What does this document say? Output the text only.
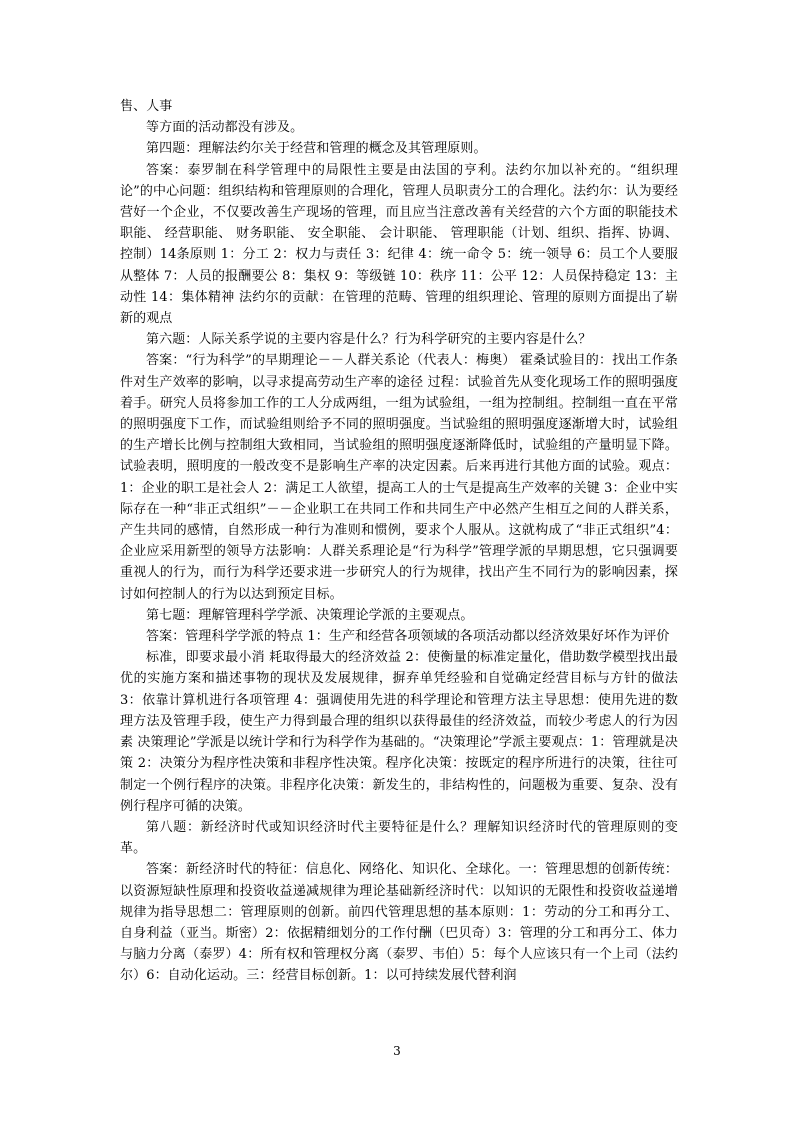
售、人事

等方面的活动都没有涉及。

第四题：理解法约尔关于经营和管理的概念及其管理原则。

答案：泰罗制在科学管理中的局限性主要是由法国的亨利。法约尔加以补充的。“组织理论”的中心问题：组织结构和管理原则的合理化，管理人员职责分工的合理化。法约尔：认为要经营好一个企业，不仅要改善生产现场的管理，而且应当注意改善有关经营的六个方面的职能技术职能、 经营职能、 财务职能、 安全职能、 会计职能、 管理职能（计划、组织、指挥、协调、控制）14条原则 1：分工 2：权力与责任 3：纪律 4：统一命令 5：统一领导 6：员工个人要服从整体 7：人员的报酬要公 8：集权 9：等级链 10：秩序 11：公平 12：人员保持稳定 13：主动性 14：集体精神 法约尔的贡献：在管理的范畴、管理的组织理论、管理的原则方面提出了崭新的观点

第六题：人际关系学说的主要内容是什么？行为科学研究的主要内容是什么？

答案：“行为科学”的早期理论－－人群关系论（代表人：梅奥） 霍桑试验目的：找出工作条件对生产效率的影响，以寻求提高劳动生产率的途径 过程：试验首先从变化现场工作的照明强度着手。研究人员将参加工作的工人分成两组，一组为试验组，一组为控制组。控制组一直在平常的照明强度下工作，而试验组则给予不同的照明强度。当试验组的照明强度逐渐增大时，试验组的生产增长比例与控制组大致相同，当试验组的照明强度逐渐降低时，试验组的产量明显下降。试验表明，照明度的一般改变不是影响生产率的决定因素。后来再进行其他方面的试验。观点：1：企业的职工是社会人 2：满足工人欲望，提高工人的士气是提高生产效率的关键 3：企业中实际存在一种“非正式组织”－－企业职工在共同工作和共同生产中必然产生相互之间的人群关系，产生共同的感情，自然形成一种行为准则和惯例，要求个人服从。这就构成了“非正式组织”4：企业应采用新型的领导方法影响：人群关系理论是“行为科学”管理学派的早期思想，它只强调要重视人的行为，而行为科学还要求进一步研究人的行为规律，找出产生不同行为的影响因素，探讨如何控制人的行为以达到预定目标。

第七题：理解管理科学学派、决策理论学派的主要观点。

答案：管理科学学派的特点 1：生产和经营各项领域的各项活动都以经济效果好坏作为评价

标准，即要求最小消 耗取得最大的经济效益 2：使衡量的标准定量化，借助数学模型找出最优的实施方案和描述事物的现状及发展规律，摒弃单凭经验和自觉确定经营目标与方针的做法 3：依靠计算机进行各项管理 4：强调使用先进的科学理论和管理方法主导思想：使用先进的数理方法及管理手段，使生产力得到最合理的组织以获得最佳的经济效益，而较少考虑人的行为因素 决策理论”学派是以统计学和行为科学作为基础的。“决策理论”学派主要观点：1：管理就是决策 2：决策分为程序性决策和非程序性决策。程序化决策：按既定的程序所进行的决策，往往可制定一个例行程序的决策。非程序化决策：新发生的，非结构性的，问题极为重要、复杂、没有例行程序可循的决策。

第八题：新经济时代或知识经济时代主要特征是什么？理解知识经济时代的管理原则的变革。

答案：新经济时代的特征：信息化、网络化、知识化、全球化。一：管理思想的创新传统：以资源短缺性原理和投资收益递减规律为理论基础新经济时代：以知识的无限性和投资收益递增规律为指导思想二：管理原则的创新。前四代管理思想的基本原则：1：劳动的分工和再分工、自身利益（亚当。斯密）2：依据精细划分的工作付酬（巴贝奇）3：管理的分工和再分工、体力与脑力分离（泰罗）4：所有权和管理权分离（泰罗、韦伯）5：每个人应该只有一个上司（法约尔）6：自动化运动。三：经营目标创新。1：以可持续发展代替利润

3
